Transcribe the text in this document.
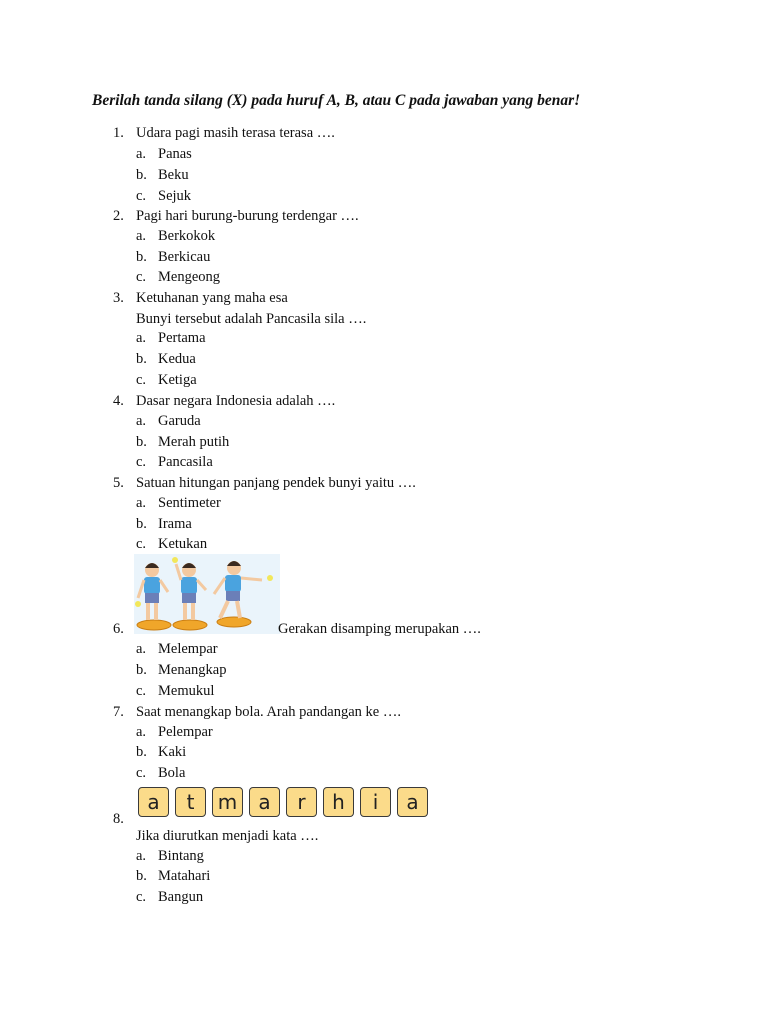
Berilah tanda silang (X) pada huruf A, B, atau C pada jawaban yang benar!
1. Udara pagi masih terasa terasa ….
a. Panas
b. Beku
c. Sejuk
2. Pagi hari burung-burung terdengar ….
a. Berkokok
b. Berkicau
c. Mengeong
3. Ketuhanan yang maha esa
Bunyi tersebut adalah Pancasila sila ….
a. Pertama
b. Kedua
c. Ketiga
4. Dasar negara Indonesia adalah ….
a. Garuda
b. Merah putih
c. Pancasila
5. Satuan hitungan panjang pendek bunyi yaitu ….
a. Sentimeter
b. Irama
c. Ketukan
6.	Gerakan disamping merupakan ….
a. Melempar
b. Menangkap
c. Memukul
7. Saat menangkap bola. Arah pandangan ke ….
a. Pelempar
b. Kaki
c. Bola
a	t	m	a	r	h	i	a
8.
Jika diurutkan menjadi kata ….
a. Bintang
b. Matahari
c. Bangun
